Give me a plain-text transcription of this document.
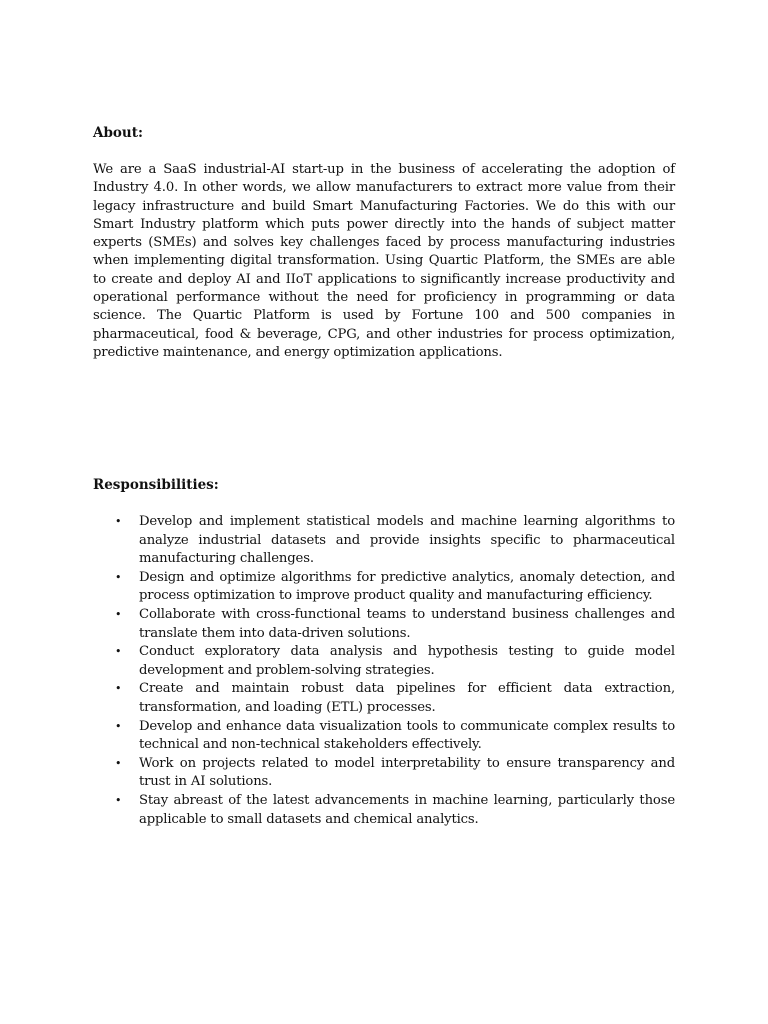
About:

We are a SaaS industrial-AI start-up in the business of accelerating the adoption of Industry 4.0. In other words, we allow manufacturers to extract more value from their legacy infrastructure and build Smart Manufacturing Factories. We do this with our Smart Industry platform which puts power directly into the hands of subject matter experts (SMEs) and solves key challenges faced by process manufacturing industries when implementing digital transformation. Using Quartic Platform, the SMEs are able to create and deploy AI and IIoT applications to significantly increase productivity and operational performance without the need for proficiency in programming or data science. The Quartic Platform is used by Fortune 100 and 500 companies in pharmaceutical, food & beverage, CPG, and other industries for process optimization, predictive maintenance, and energy optimization applications.

Responsibilities:
• Develop and implement statistical models and machine learning algorithms to analyze industrial datasets and provide insights specific to pharmaceutical manufacturing challenges.
• Design and optimize algorithms for predictive analytics, anomaly detection, and process optimization to improve product quality and manufacturing efficiency.
• Collaborate with cross-functional teams to understand business challenges and translate them into data-driven solutions.
• Conduct exploratory data analysis and hypothesis testing to guide model development and problem-solving strategies.
• Create and maintain robust data pipelines for efficient data extraction, transformation, and loading (ETL) processes.
• Develop and enhance data visualization tools to communicate complex results to technical and non-technical stakeholders effectively.
• Work on projects related to model interpretability to ensure transparency and trust in AI solutions.
• Stay abreast of the latest advancements in machine learning, particularly those applicable to small datasets and chemical analytics.
